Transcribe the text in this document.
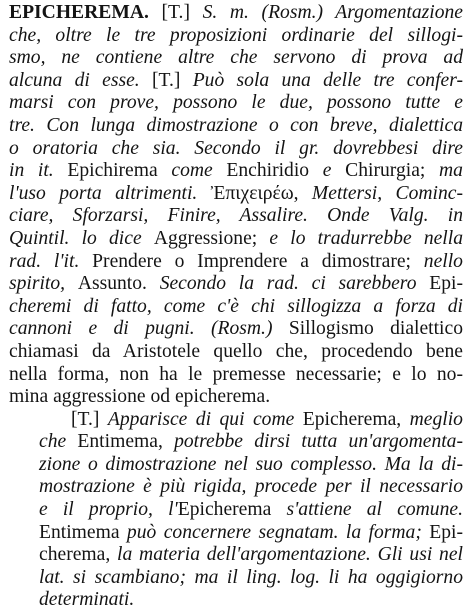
EPICHEREMA. [T.] S. m. (Rosm.) Argomentazione
che, oltre le tre proposizioni ordinarie del sillogi-
smo, ne contiene altre che servono di prova ad
alcuna di esse. [T.] Può sola una delle tre confer-
marsi con prove, possono le due, possono tutte e
tre. Con lunga dimostrazione o con breve, dialettica
o oratoria che sia. Secondo il gr. dovrebbesi dire
in it. Epichirema come Enchiridio e Chirurgia; ma
l'uso porta altrimenti. Ἐπιχειρέω, Mettersi, Cominc-
ciare, Sforzarsi, Finire, Assalire. Onde Valg. in
Quintil. lo dice Aggressione; e lo tradurrebbe nella
rad. l'it. Prendere o Imprendere a dimostrare; nello
spirito, Assunto. Secondo la rad. ci sarebbero Epi-
cheremi di fatto, come c'è chi sillogizza a forza di
cannoni e di pugni. (Rosm.) Sillogismo dialettico
chiamasi da Aristotele quello che, procedendo bene
nella forma, non ha le premesse necessarie; e lo no-
mina aggressione od epicherema.
[T.] Apparisce di qui come Epicherema, meglio
che Entimema, potrebbe dirsi tutta un'argomenta-
zione o dimostrazione nel suo complesso. Ma la di-
mostrazione è più rigida, procede per il necessario
e il proprio, l'Epicherema s'attiene al comune.
Entimema può concernere segnatam. la forma; Epi-
cherema, la materia dell'argomentazione. Gli usi nel
lat. si scambiano; ma il ling. log. li ha oggigiorno
determinati.
